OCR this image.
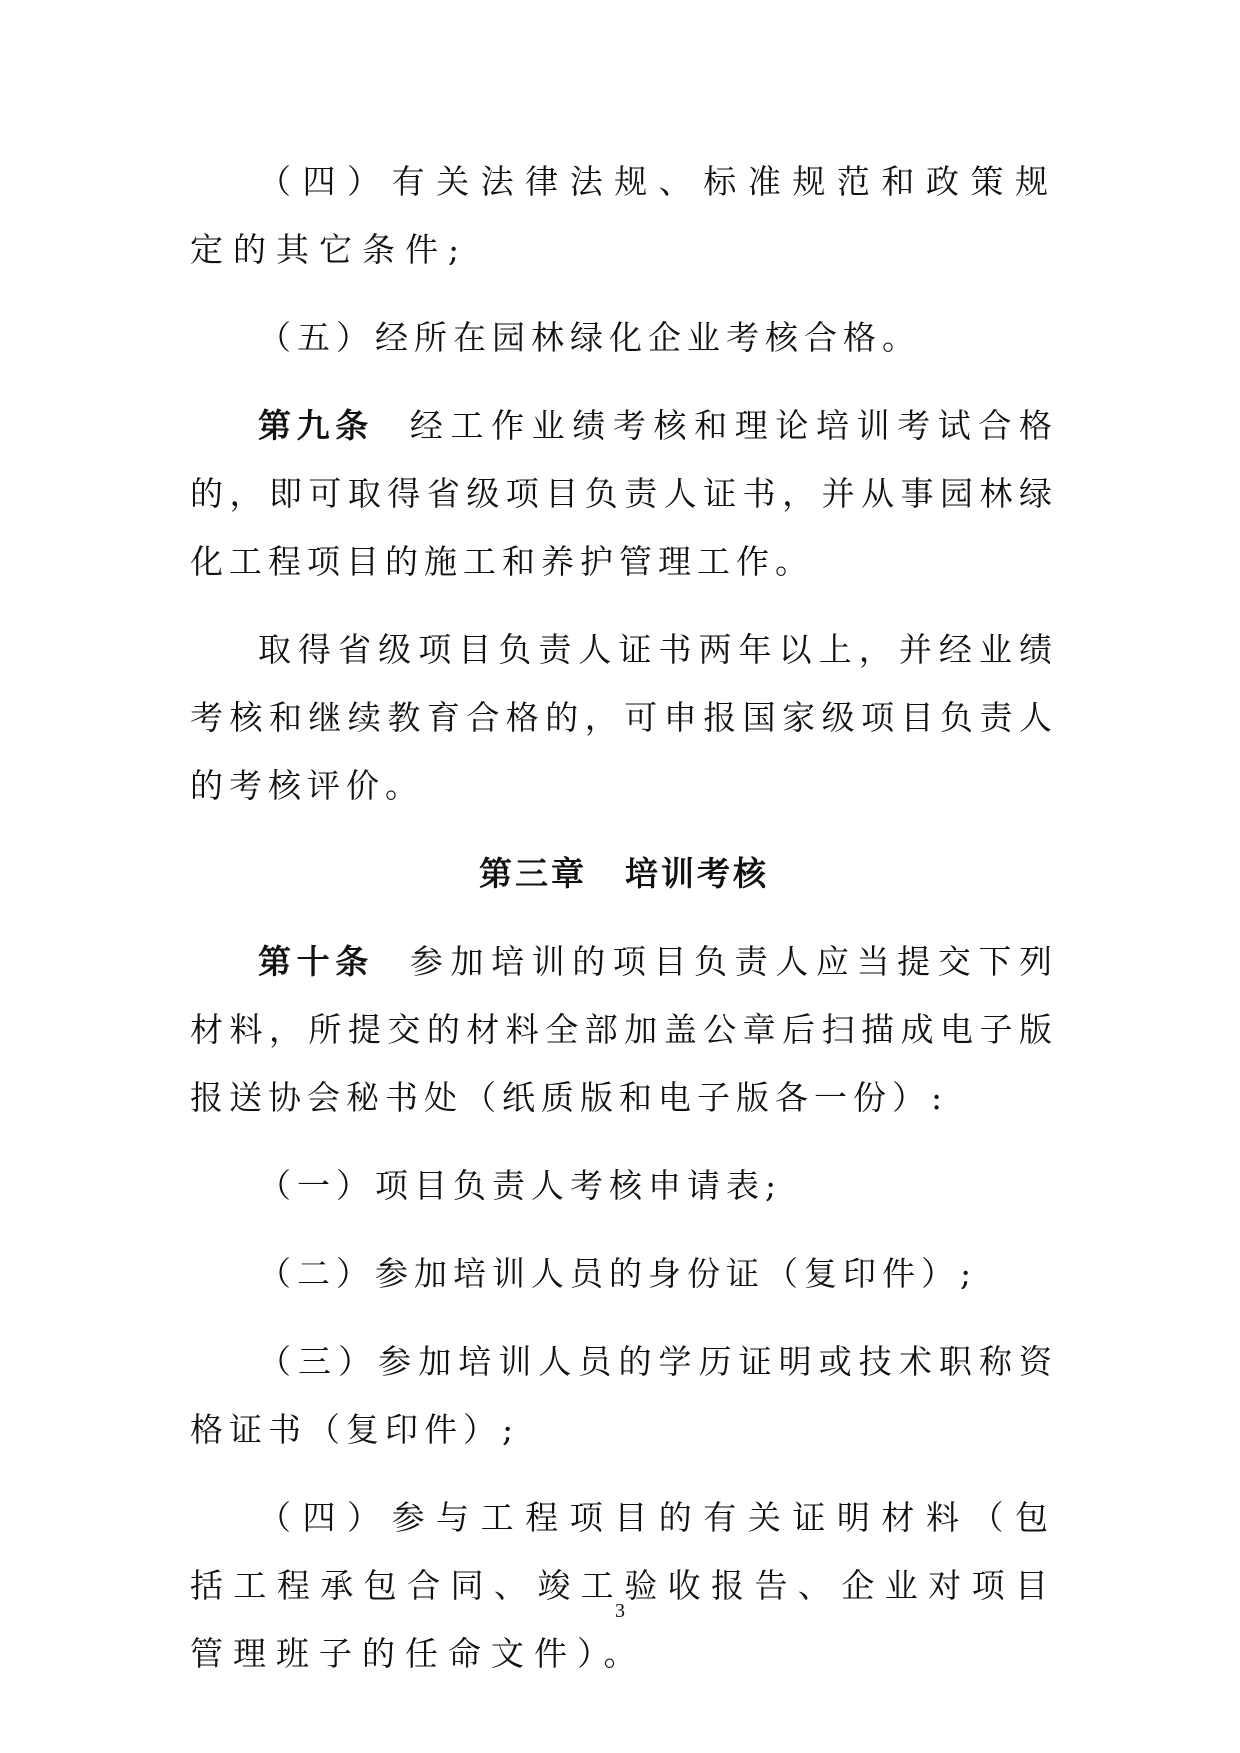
（四）有关法律法规、标准规范和政策规定的其它条件;

（五）经所在园林绿化企业考核合格。

第九条 经工作业绩考核和理论培训考试合格的，即可取得省级项目负责人证书，并从事园林绿化工程项目的施工和养护管理工作。

取得省级项目负责人证书两年以上，并经业绩考核和继续教育合格的，可申报国家级项目负责人的考核评价。

第三章 培训考核

第十条 参加培训的项目负责人应当提交下列材料，所提交的材料全部加盖公章后扫描成电子版报送协会秘书处（纸质版和电子版各一份）:

（一）项目负责人考核申请表;

（二）参加培训人员的身份证（复印件）;

（三）参加培训人员的学历证明或技术职称资格证书（复印件）;

（四）参与工程项目的有关证明材料（包括工程承包合同、竣工验收报告、企业对项目管理班子的任命文件）。

3
